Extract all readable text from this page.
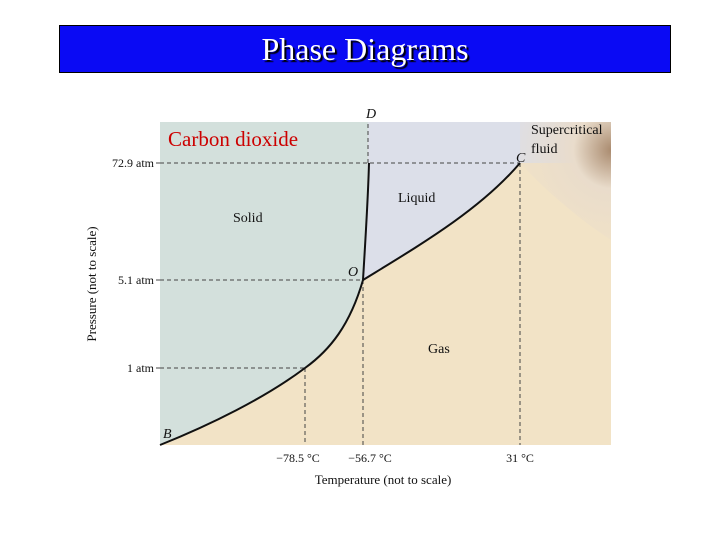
Phase Diagrams
Solid
Liquid
Gas
Supercritical
fluid
D
C
O
B
72.9 atm
5.1 atm
1 atm
−78.5 °C −56.7 °C	31 °C
Temperature (not to scale)
Pressure (not to scale)
Carbon dioxide
